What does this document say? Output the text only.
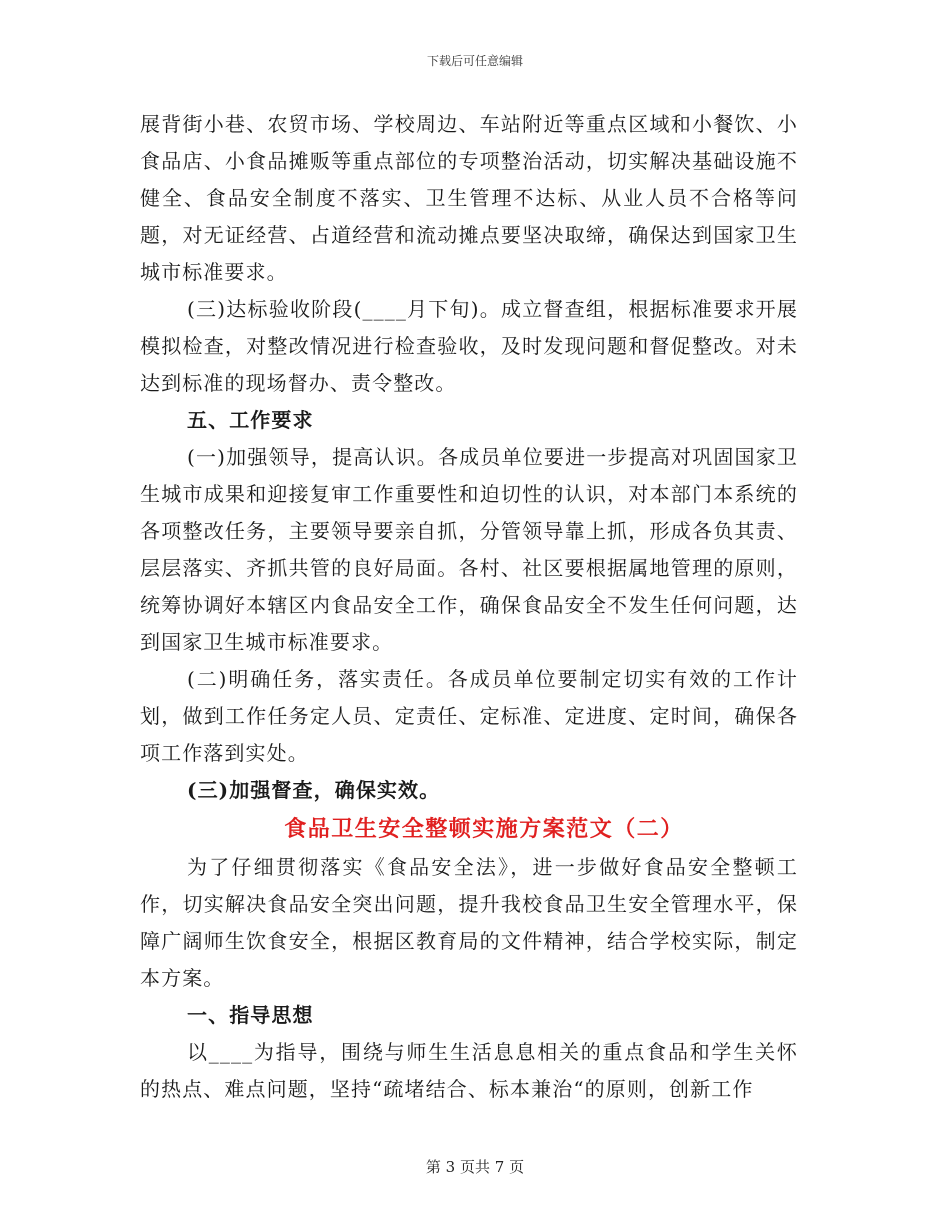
下载后可任意编辑

展背街小巷、农贸市场、学校周边、车站附近等重点区域和小餐饮、小食品店、小食品摊贩等重点部位的专项整治活动，切实解决基础设施不健全、食品安全制度不落实、卫生管理不达标、从业人员不合格等问题，对无证经营、占道经营和流动摊点要坚决取缔，确保达到国家卫生城市标准要求。

(三)达标验收阶段(____月下旬)。成立督查组，根据标准要求开展模拟检查，对整改情况进行检查验收，及时发现问题和督促整改。对未达到标准的现场督办、责令整改。

五、工作要求

(一)加强领导，提高认识。各成员单位要进一步提高对巩固国家卫生城市成果和迎接复审工作重要性和迫切性的认识，对本部门本系统的各项整改任务，主要领导要亲自抓，分管领导靠上抓，形成各负其责、层层落实、齐抓共管的良好局面。各村、社区要根据属地管理的原则，统筹协调好本辖区内食品安全工作，确保食品安全不发生任何问题，达到国家卫生城市标准要求。

(二)明确任务，落实责任。各成员单位要制定切实有效的工作计划，做到工作任务定人员、定责任、定标准、定进度、定时间，确保各项工作落到实处。

(三)加强督查，确保实效。

食品卫生安全整顿实施方案范文（二）

为了仔细贯彻落实《食品安全法》，进一步做好食品安全整顿工作，切实解决食品安全突出问题，提升我校食品卫生安全管理水平，保障广阔师生饮食安全，根据区教育局的文件精神，结合学校实际，制定本方案。

一、指导思想

以____为指导，围绕与师生生活息息相关的重点食品和学生关怀的热点、难点问题，坚持“疏堵结合、标本兼治“的原则，创新工作

第 3 页共 7 页
